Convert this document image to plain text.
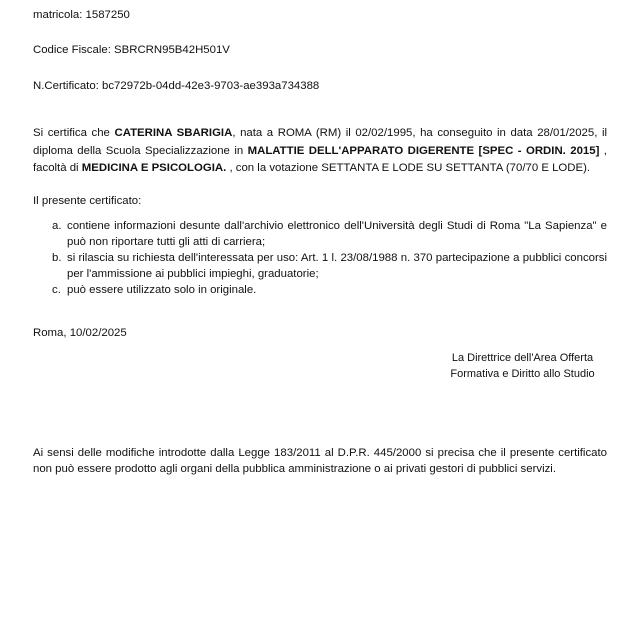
matricola: 1587250
Codice Fiscale: SBRCRN95B42H501V
N.Certificato: bc72972b-04dd-42e3-9703-ae393a734388
Si certifica che CATERINA SBARIGIA, nata a ROMA (RM) il 02/02/1995, ha conseguito in data 28/01/2025, il diploma della Scuola Specializzazione in MALATTIE DELL'APPARATO DIGERENTE [SPEC - ORDIN. 2015] , facoltà di MEDICINA E PSICOLOGIA. , con la votazione SETTANTA E LODE SU SETTANTA (70/70 E LODE).
Il presente certificato:
a. contiene informazioni desunte dall'archivio elettronico dell'Università degli Studi di Roma "La Sapienza" e può non riportare tutti gli atti di carriera;
b. si rilascia su richiesta dell'interessata per uso: Art. 1 l. 23/08/1988 n. 370 partecipazione a pubblici concorsi per l'ammissione ai pubblici impieghi, graduatorie;
c. può essere utilizzato solo in originale.
Roma, 10/02/2025
La Direttrice dell'Area Offerta
Formativa e Diritto allo Studio
Ai sensi delle modifiche introdotte dalla Legge 183/2011 al D.P.R. 445/2000 si precisa che il presente certificato non può essere prodotto agli organi della pubblica amministrazione o ai privati gestori di pubblici servizi.
